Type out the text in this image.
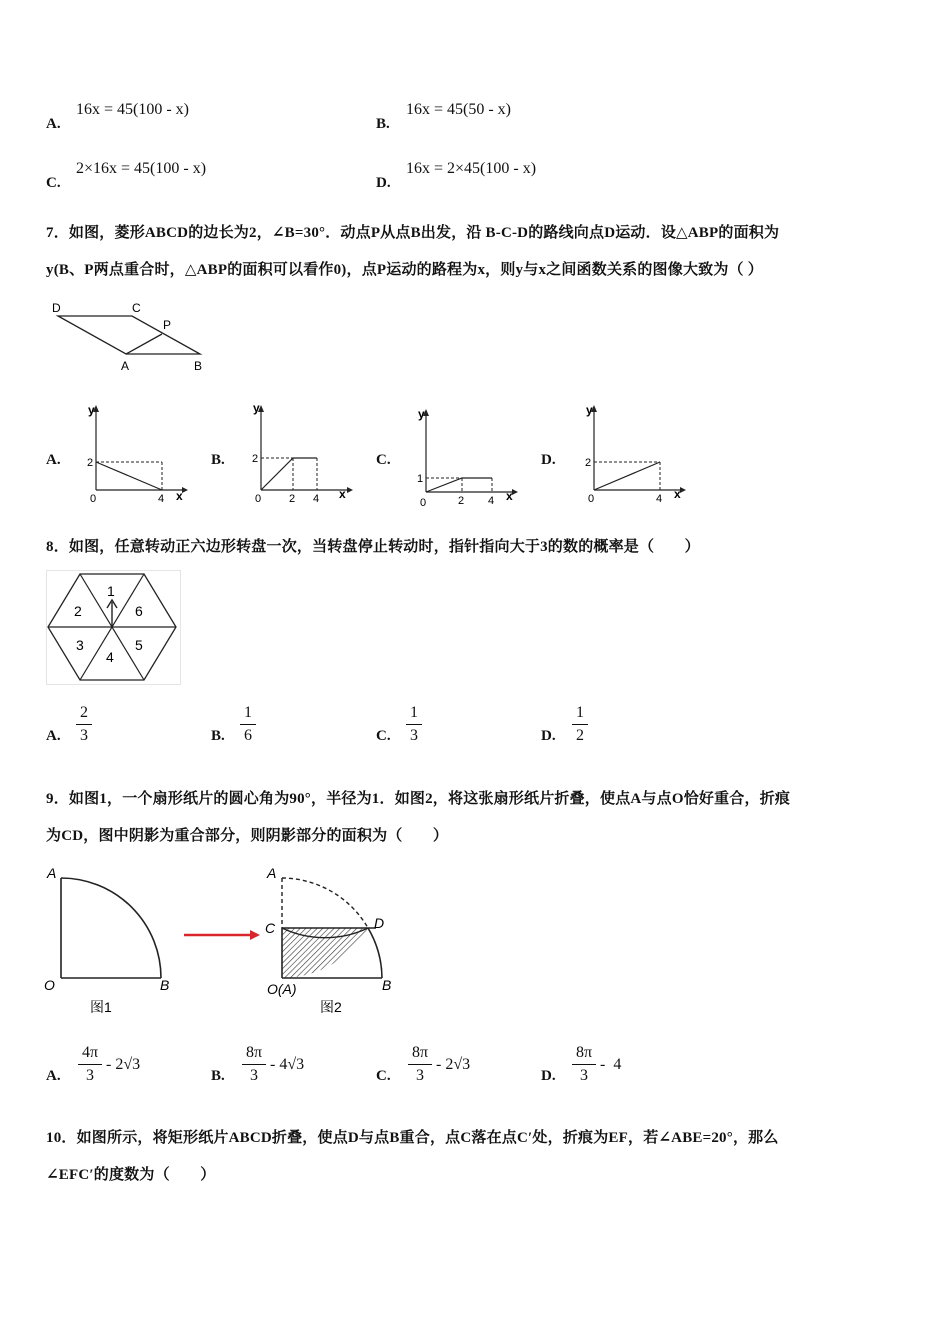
A.
16x = 45(100 - x)
B.
16x = 45(50 - x)
C.
2×16x = 45(100 - x)
D.
16x = 2×45(100 - x)
7．如图，菱形ABCD的边长为2，∠B=30°．动点P从点B出发，沿 B-C-D的路线向点D运动．设△ABP的面积为
y(B、P两点重合时，△ABP的面积可以看作0)，点P运动的路程为x，则y与x之间函数关系的图像大致为（ ）
D	C
P
A	B
A.	B.	C.	D.
y
2
0	4 x
y
2
0	2 4 x
y
1
0	2 4 x
y
2
0	4 x
8．如图，任意转动正六边形转盘一次，当转盘停止转动时，指针指向大于3的数的概率是（　　）
1
6
5
4
3
2
A.
2
3	B.
1
6	C.
1
3	D.
1
2
9．如图1，一个扇形纸片的圆心角为90°，半径为1．如图2，将这张扇形纸片折叠，使点A与点O恰好重合，折痕
为CD，图中阴影为重合部分，则阴影部分的面积为（　　）
A
O	B
图1
A
C	D
O(A)	B
图2
A.
4π
3
- 2√3
B.
8π
3
- 4√3
C.
8π
3
- 2√3
D.
8π
3
-  4
10．如图所示，将矩形纸片ABCD折叠，使点D与点B重合，点C落在点C′处，折痕为EF，若∠ABE=20°，那么
∠EFC′的度数为（　　）
